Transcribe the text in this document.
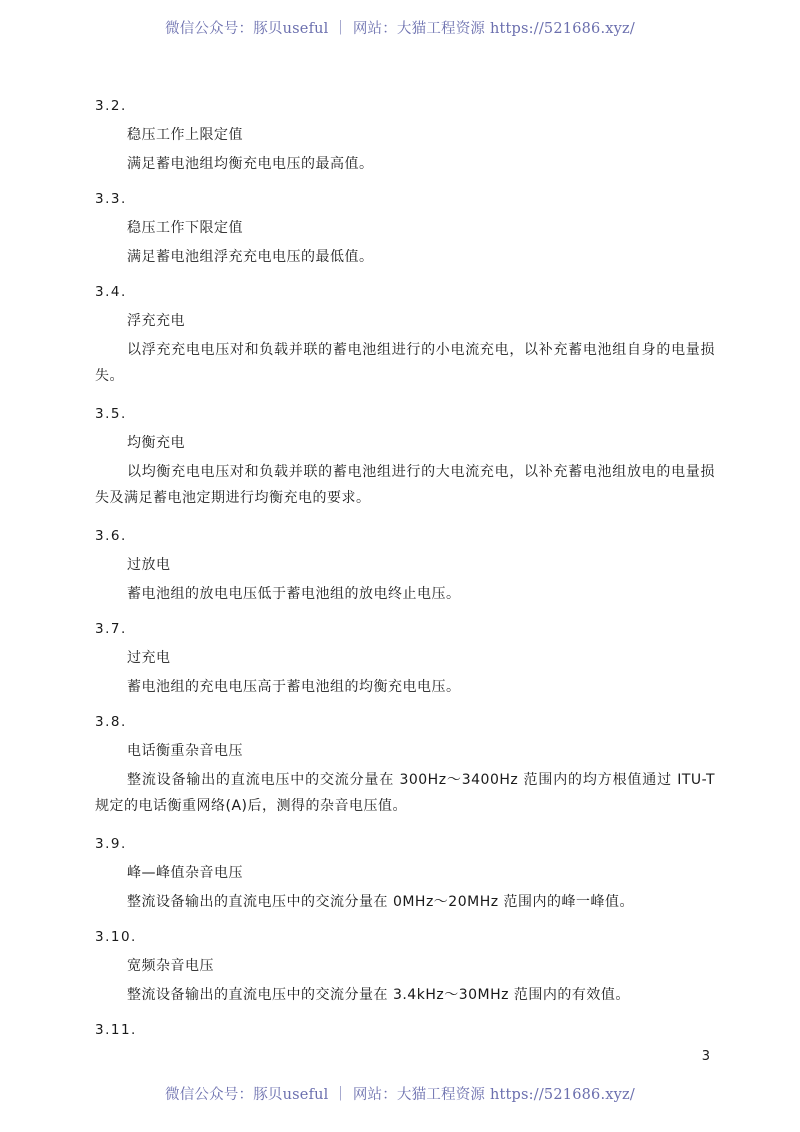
微信公众号：豚贝useful ｜ 网站：大猫工程资源 https://521686.xyz/
3.2.
稳压工作上限定值
满足蓄电池组均衡充电电压的最高值。
3.3.
稳压工作下限定值
满足蓄电池组浮充充电电压的最低值。
3.4.
浮充充电
以浮充充电电压对和负载并联的蓄电池组进行的小电流充电，以补充蓄电池组自身的电量损失。
3.5.
均衡充电
以均衡充电电压对和负载并联的蓄电池组进行的大电流充电，以补充蓄电池组放电的电量损失及满足蓄电池定期进行均衡充电的要求。
3.6.
过放电
蓄电池组的放电电压低于蓄电池组的放电终止电压。
3.7.
过充电
蓄电池组的充电电压高于蓄电池组的均衡充电电压。
3.8.
电话衡重杂音电压
整流设备输出的直流电压中的交流分量在 300Hz～3400Hz 范围内的均方根值通过 ITU-T 规定的电话衡重网络(A)后，测得的杂音电压值。
3.9.
峰—峰值杂音电压
整流设备输出的直流电压中的交流分量在 0MHz～20MHz 范围内的峰一峰值。
3.10.
宽频杂音电压
整流设备输出的直流电压中的交流分量在 3.4kHz～30MHz 范围内的有效值。
3.11.
3
微信公众号：豚贝useful ｜ 网站：大猫工程资源 https://521686.xyz/
